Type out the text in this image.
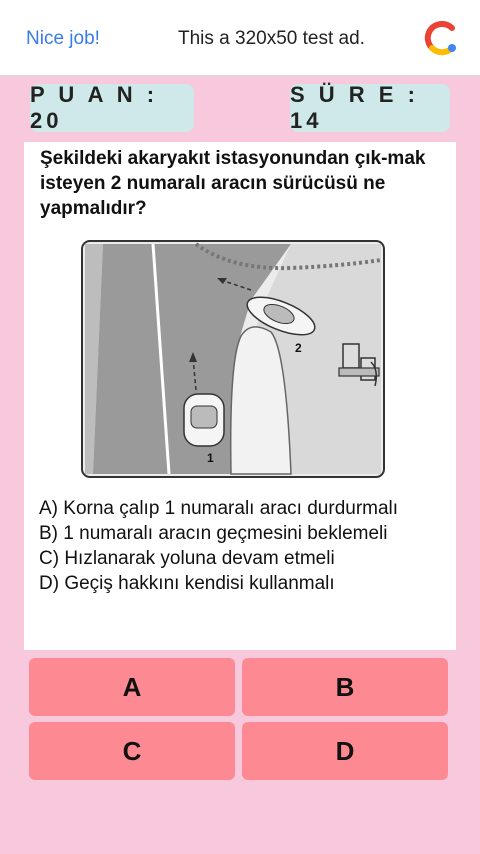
Nice job!	This a 320x50 test ad.
P U A N : 20
S Ü R E : 14
Şekildeki akaryakıt istasyonundan çık-mak isteyen 2 numaralı aracın sürücüsü ne yapmalıdır?
2
1
A) Korna çalıp 1 numaralı aracı durdurmalı
B) 1 numaralı aracın geçmesini beklemeli
C) Hızlanarak yoluna devam etmeli
D) Geçiş hakkını kendisi kullanmalı
A	B
C	D
